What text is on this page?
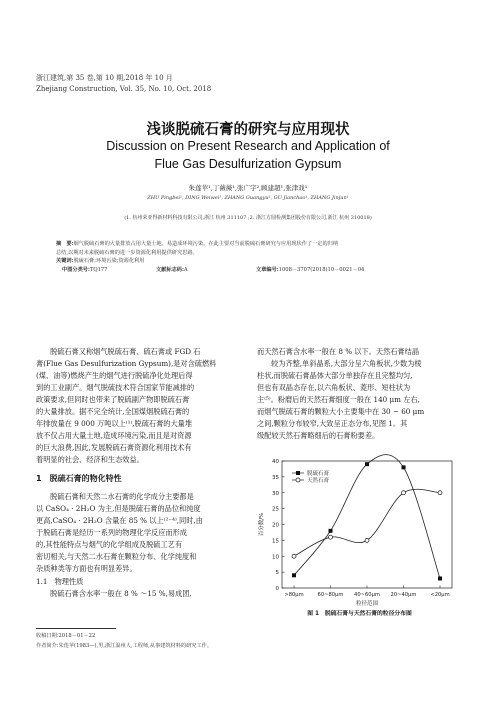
浙江建筑,第 35 卷,第 10 期,2018 年 10 月
Zhejiang Construction, Vol. 35, No. 10, Oct. 2018
浅谈脱硫石膏的研究与应用现状
Discussion on Present Research and Application of
Flue Gas Desulfurization Gypsum
朱莲苹¹,丁薇薇¹,张广宇²,顾建超¹,张津戏¹
ZHU Pingbei¹, DING Weiwei¹, ZHANG Guangyu², GU Jianchao¹, ZHANG Jinjun¹
(1. 杭州荣亚得新材料科技有限公司,浙江 杭州 311107 ;2. 浙江方圆检测集团股份有限公司,浙江 杭州 310018)
摘　要:烟气脱硫石膏的大量排放占用大量土地、易造成环境污染。在此主要对当前脱硫石膏研究与应用现状作了一定的归纳
总结,以期对未来脱硫石膏的进一步资源化利用提供研究思路。
关键词:脱硫石膏;环境污染;资源化利用
中图分类号:TQ177	文献标志码:A	文章编号:1008－3707(2018)10－0021－04
脱硫石膏又称烟气脱硫石膏、硫石膏或 FGD 石
膏(Flue Gas Desulfurization Gypsum),是对含硫燃料
(煤、油等)燃烧产生的烟气进行脱硫净化处理后得
到的工业副产。烟气脱硫技术符合国家节能减排的
政策要求,但同时也带来了脱硫副产物即脱硫石膏
的大量排放。据不完全统计,全国煤烟脱硫石膏的
年排放量在 9 000 万吨以上⁽¹⁾,脱硫石膏的大量堆
放不仅占用大量土地,造成环境污染,而且是对资源
的巨大浪费,因此,发展脱硫石膏资源化利用技术有
着明显的社会、经济和生态效益。
1　脱硫石膏的物化特性
脱硫石膏和天然二水石膏的化学成分主要都是
以 CaSO₄ · 2H₂O 为主,但是脱硫石膏的品位和纯度
更高,CaSO₄ · 2H₂O 含量在 85 % 以上⁽²⁻⁴⁾,同时,由
于脱硫石膏是经历一系列的物理化学反应而形成
的,其性能特点与烟气的化学组成及脱硫工艺有
密切相关,与天然二水石膏在颗粒分布、化学纯度和
杂质种类等方面也有明显差异。
1.1　物理性质
脱硫石膏含水率一般在 8 % ～15 %,易成团,
而天然石膏含水率一般在 8 % 以下。天然石膏结晶
较为齐整,单斜晶系,大部分呈六角板状,少数为棱
柱状,而脱硫石膏晶体大部分单独存在且完整均匀,
但也有双晶态存在,以六角板状、菱形、短柱状为
主⁽⁵⁾。粉磨后的天然石膏细度一般在 140 μm 左右,
而烟气脱硫石膏的颗粒大小主要集中在 30 ~ 60 μm
之间,颗粒分布较窄,大致呈正态分布,见图 1。其
级配较天然石膏略细后的石膏粉要差。
0
5
10
15
20
25
30
35
40
百分数/%
>80μm	60~80μm 40~60μm 20~40μm	<20μm
粒径范围
脱硫石膏
天然石膏
图 1　脱硫石膏与天然石膏的粒径分布图
收稿日期:2018－01－22
作者简介:朱莲苹(1983—),男,浙江温州人,工程师,从事建筑材料的研究工作。
